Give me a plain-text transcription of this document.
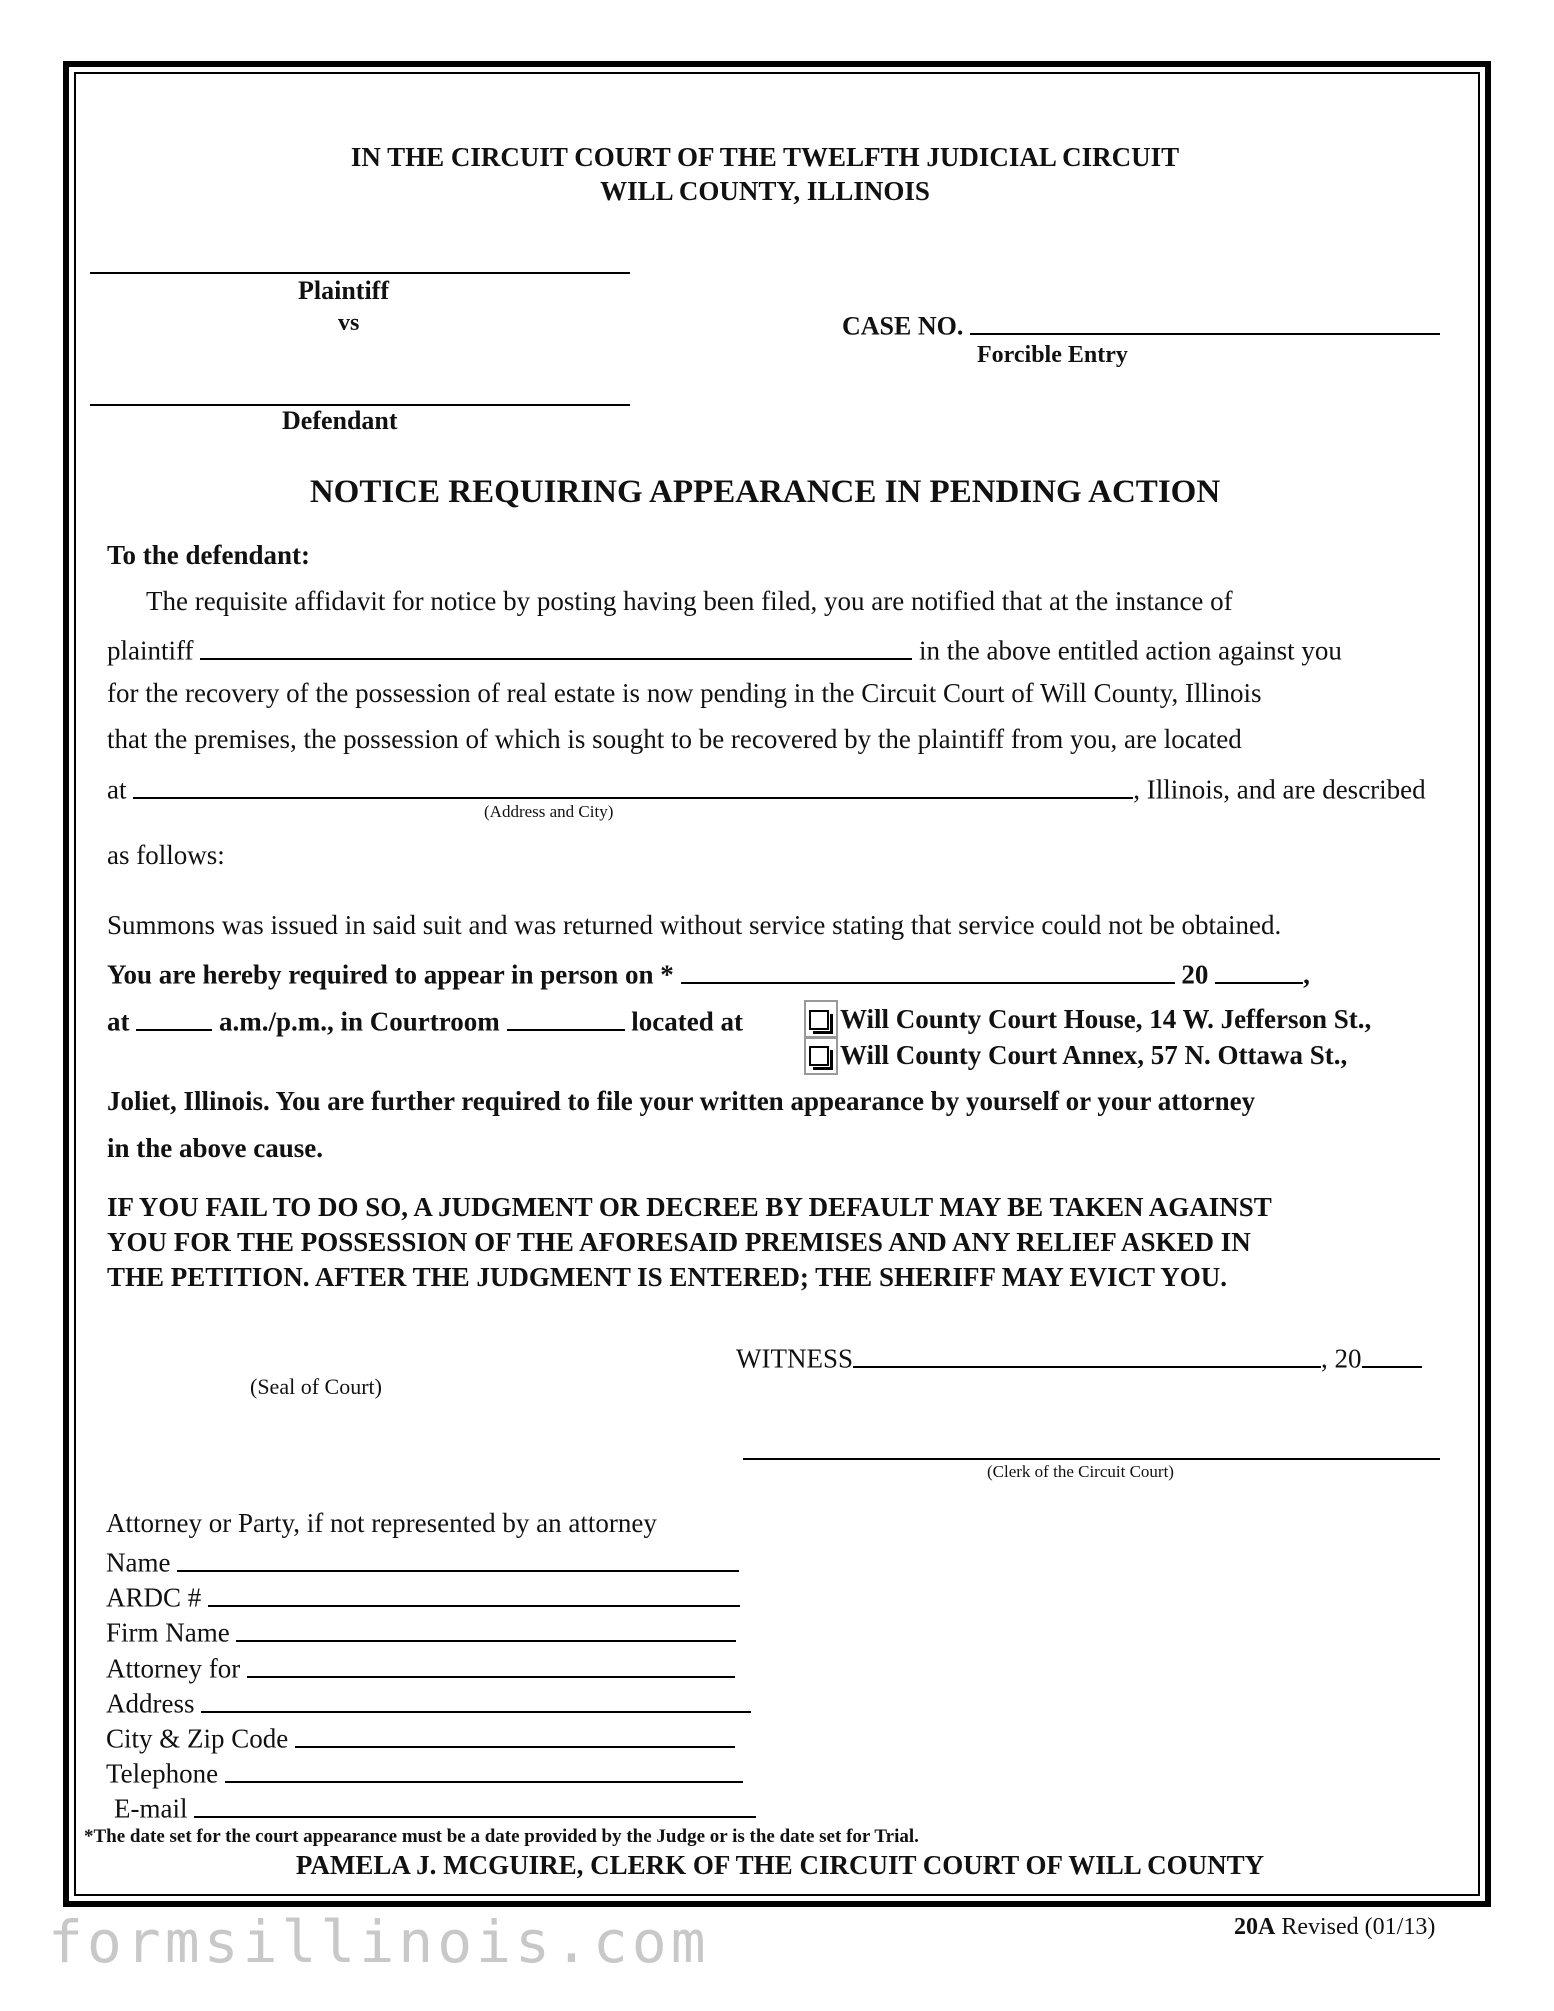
IN THE CIRCUIT COURT OF THE TWELFTH JUDICIAL CIRCUIT
WILL COUNTY, ILLINOIS
Plaintiff
vs	CASE NO.
Forcible Entry
Defendant
NOTICE REQUIRING APPEARANCE IN PENDING ACTION
To the defendant:
The requisite affidavit for notice by posting having been filed, you are notified that at the instance of
plaintiff	in the above entitled action against you
for the recovery of the possession of real estate is now pending in the Circuit Court of Will County, Illinois
that the premises, the possession of which is sought to be recovered by the plaintiff from you, are located
at	, Illinois, and are described
(Address and City)
as follows:
Summons was issued in said suit and was returned without service stating that service could not be obtained.
You are hereby required to appear in person on *	20	,
at	a.m./p.m., in Courtroom	located at	Will County Court House, 14 W. Jefferson St.,
Will County Court Annex, 57 N. Ottawa St.,
Joliet, Illinois. You are further required to file your written appearance by yourself or your attorney
in the above cause.
IF YOU FAIL TO DO SO, A JUDGMENT OR DECREE BY DEFAULT MAY BE TAKEN AGAINST
YOU FOR THE POSSESSION OF THE AFORESAID PREMISES AND ANY RELIEF ASKED IN
THE PETITION. AFTER THE JUDGMENT IS ENTERED; THE SHERIFF MAY EVICT YOU.
WITNESS	, 20
(Seal of Court)
(Clerk of the Circuit Court)
Attorney or Party, if not represented by an attorney
Name
ARDC #
Firm Name
Attorney for
Address
City & Zip Code
Telephone
E-mail
*The date set for the court appearance must be a date provided by the Judge or is the date set for Trial.
PAMELA J. MCGUIRE, CLERK OF THE CIRCUIT COURT OF WILL COUNTY
formsillinois.com	20A Revised (01/13)
